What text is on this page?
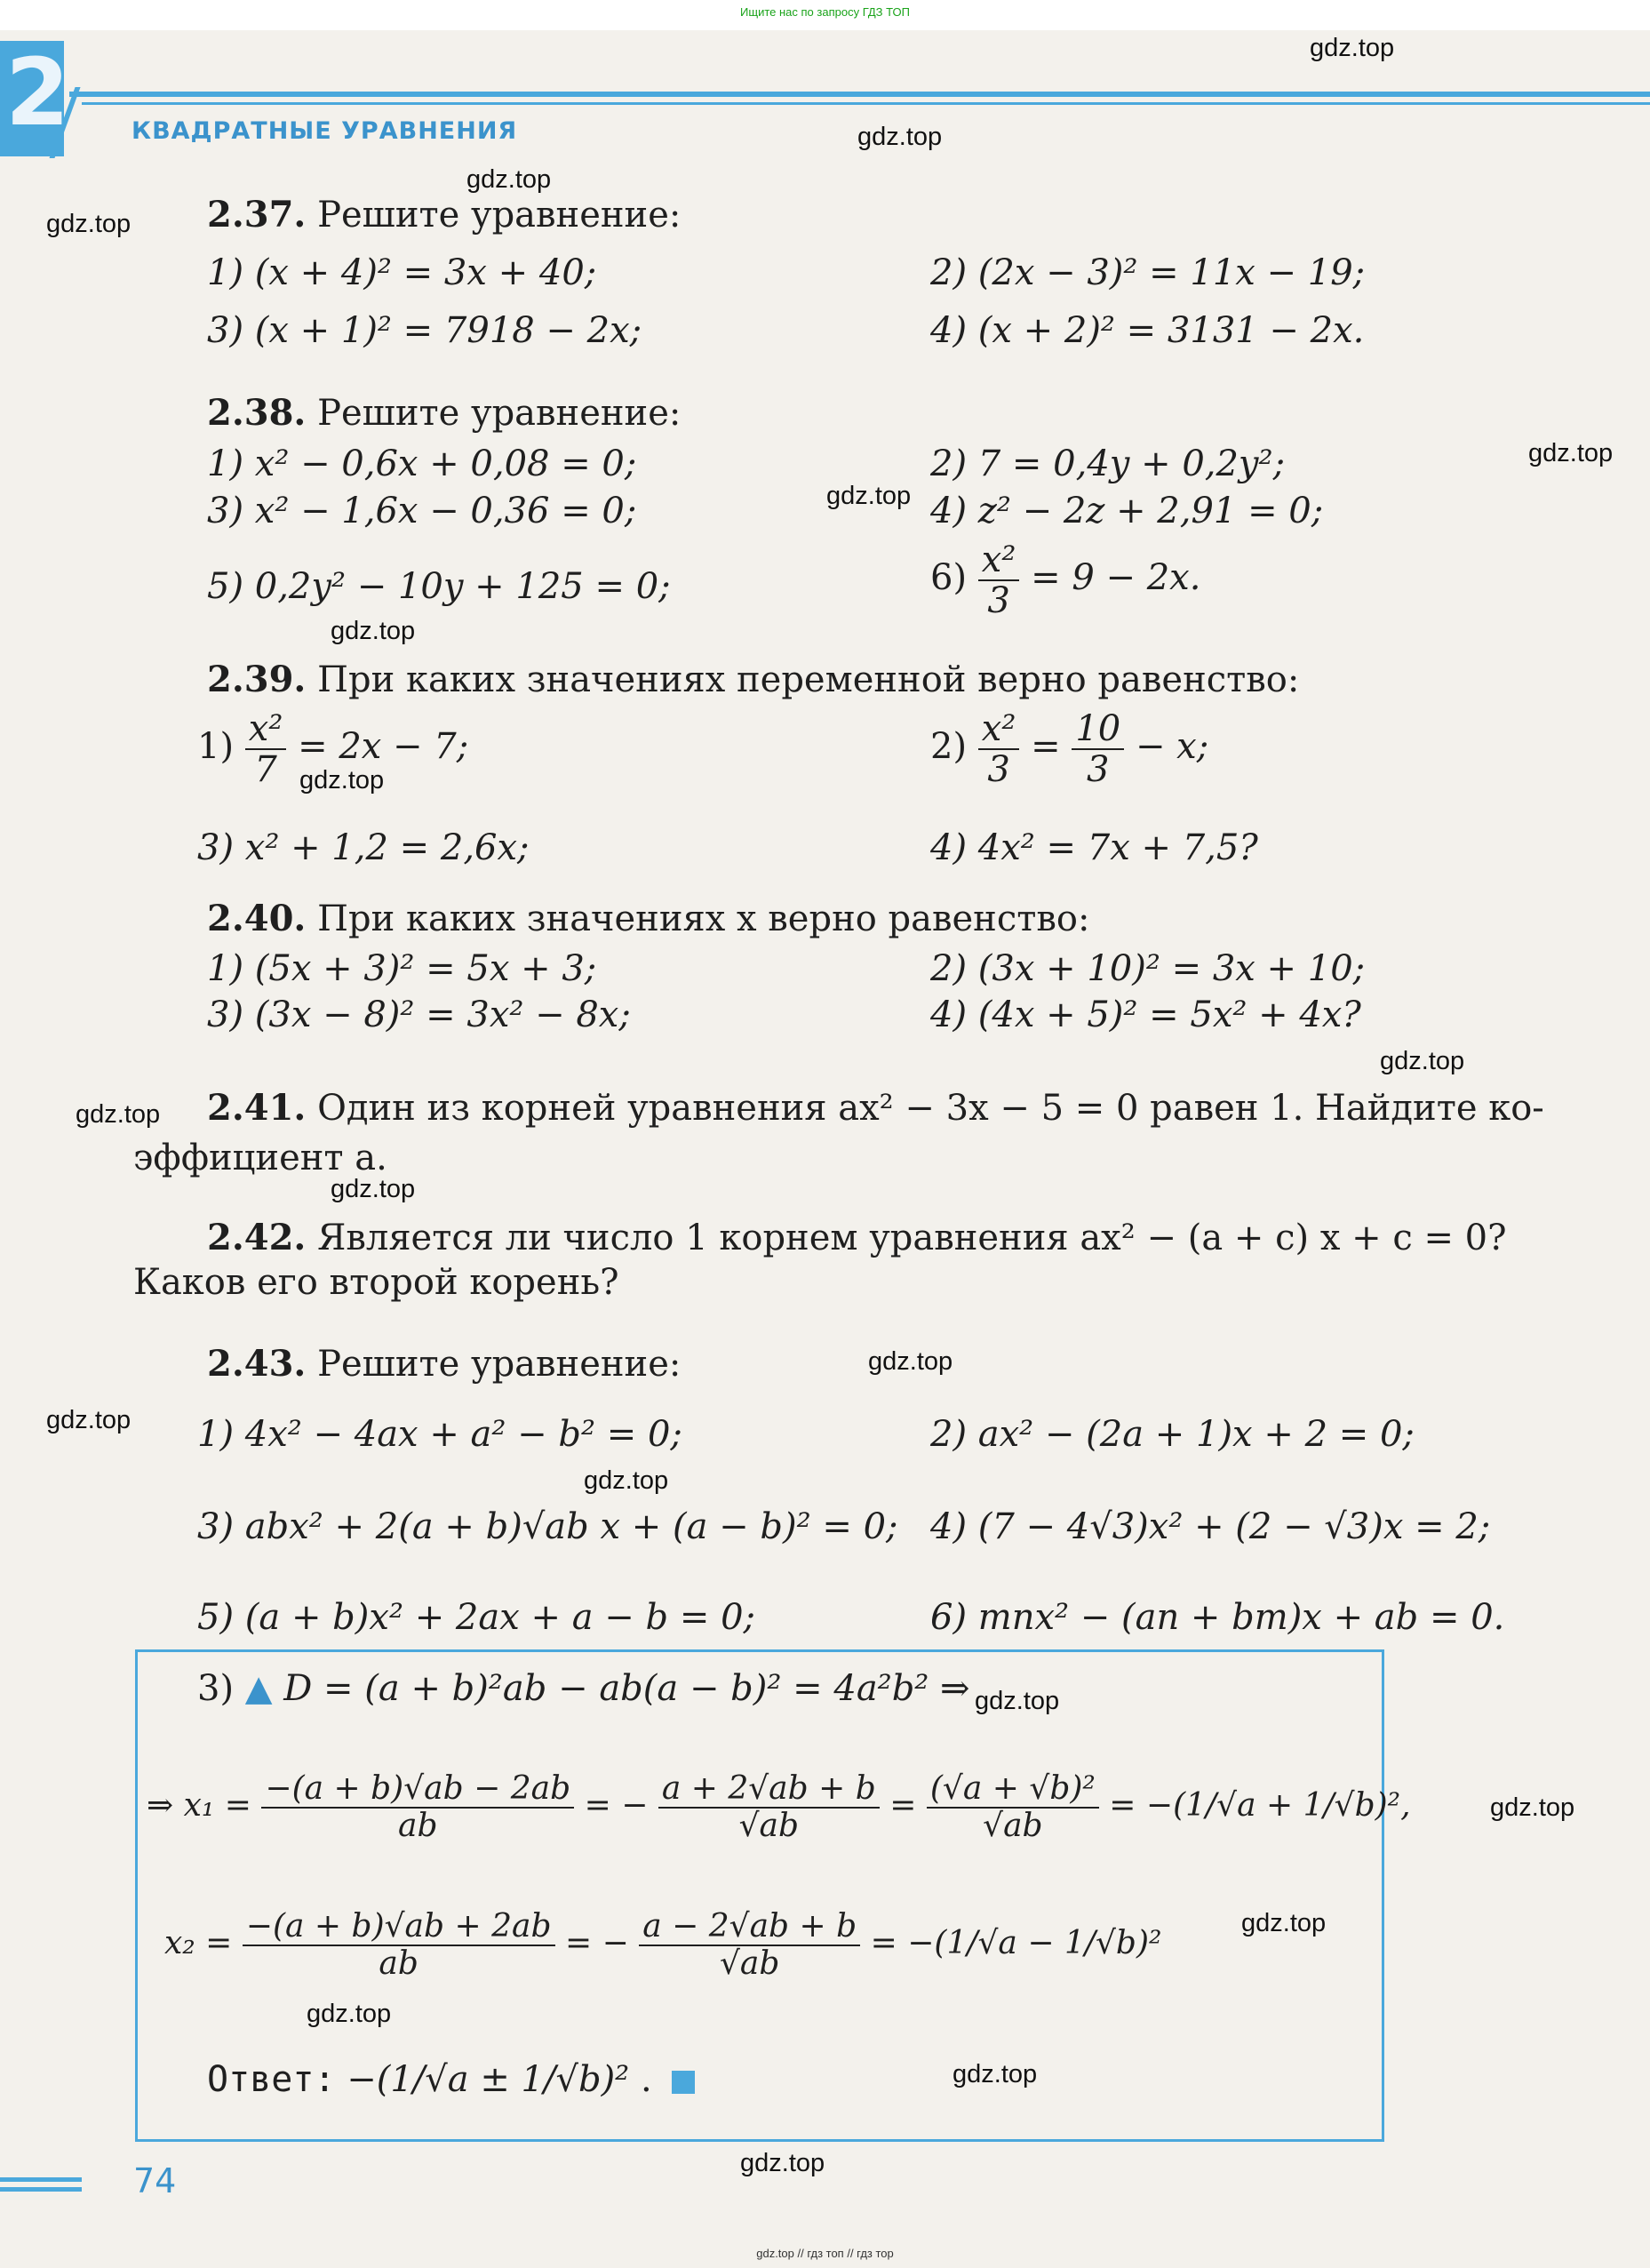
Ищите нас по запросу ГДЗ ТОП
2	КВАДРАТНЫЕ УРАВНЕНИЯ
2.37. Решите уравнение:
1) (x + 4)² = 3x + 40;	2) (2x − 3)² = 11x − 19;
3) (x + 1)² = 7918 − 2x;	4) (x + 2)² = 3131 − 2x.
2.38. Решите уравнение:
1) x² − 0,6x + 0,08 = 0;	2) 7 = 0,4y + 0,2y²;
3) x² − 1,6x − 0,36 = 0;	4) z² − 2z + 2,91 = 0;
5) 0,2y² − 10y + 125 = 0;	$6) \frac{\text{x²}}{3} = 9 - 2x$.
2.39. При каких значениях переменной верно равенство:
$1) \frac{\text{x²}}{7} = 2x - 7$;	$2) \frac{\text{x²}}{3} = \frac{10}{3} - x$;
3) x² + 1,2 = 2,6x;	4) 4x² = 7x + 7,5?
2.40. При каких значениях x верно равенство:
1) (5x + 3)² = 5x + 3;	2) (3x + 10)² = 3x + 10;
3) (3x − 8)² = 3x² − 8x;	4) (4x + 5)² = 5x² + 4x?
2.41. Один из корней уравнения ax² − 3x − 5 = 0 равен 1. Найдите ко-
эффициент a.
2.42. Является ли число 1 корнем уравнения ax² − (a + c) x + c = 0?
Каков его второй корень?
2.43. Решите уравнение:
1) 4x² − 4ax + a² − b² = 0;	2) ax² − (2a + 1)x + 2 = 0;
3) abx² + 2(a + b)√ab x + (a − b)² = 0; 4) (7 − 4√3)x² + (2 − √3)x = 2;
5) (a + b)x² + 2ax + a − b = 0;	6) mnx² − (an + bm)x + ab = 0.
3) ▲ D = (a + b)²ab − ab(a − b)² = 4a²b² ⇒
⇒ $x_1 = \frac{-(a + b)√ab - 2ab}{ab}$ = − $\frac{a + 2√ab + b}{√ab} = \frac{\text{(√a + √b)²}}{√ab} = -(1/√a + 1/√b)^2$,
$x_2 = \frac{-(a + b)√ab + 2ab}{ab}$ = − $\frac{a - 2√ab + b}{√ab} = -(1/√a - 1/√b)^2$
Ответ: −(1/√a ± 1/√b)² .
74
gdz.top // гдз топ // гдз тор
gdz.top
gdz.top
gdz.top
gdz.top
gdz.top
gdz.top
gdz.top
gdz.top
gdz.top
gdz.top
gdz.top
gdz.top
gdz.top
gdz.top
gdz.top
gdz.top
gdz.top
gdz.top
gdz.top
gdz.top
